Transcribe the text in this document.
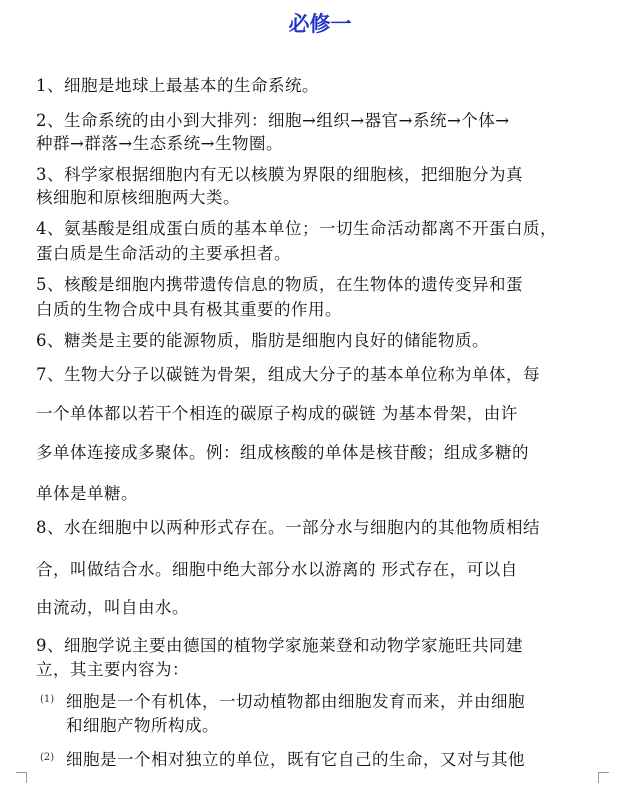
必修一
1、细胞是地球上最基本的生命系统。
2、生命系统的由小到大排列：细胞→组织→器官→系统→个体→
种群→群落→生态系统→生物圈。
3、科学家根据细胞内有无以核膜为界限的细胞核，把细胞分为真
核细胞和原核细胞两大类。
4、氨基酸是组成蛋白质的基本单位；一切生命活动都离不开蛋白质，
蛋白质是生命活动的主要承担者。
5、核酸是细胞内携带遗传信息的物质，在生物体的遗传变异和蛋
白质的生物合成中具有极其重要的作用。
6、糖类是主要的能源物质，脂肪是细胞内良好的储能物质。
7、生物大分子以碳链为骨架，组成大分子的基本单位称为单体，每
一个单体都以若干个相连的碳原子构成的碳链 为基本骨架，由许
多单体连接成多聚体。例：组成核酸的单体是核苷酸；组成多糖的
单体是单糖。
8、水在细胞中以两种形式存在。一部分水与细胞内的其他物质相结
合，叫做结合水。细胞中绝大部分水以游离的 形式存在，可以自
由流动，叫自由水。
9、细胞学说主要由德国的植物学家施莱登和动物学家施旺共同建
立，其主要内容为：
(1) 细胞是一个有机体，一切动植物都由细胞发育而来，并由细胞
和细胞产物所构成。
(2) 细胞是一个相对独立的单位，既有它自己的生命，又对与其他
